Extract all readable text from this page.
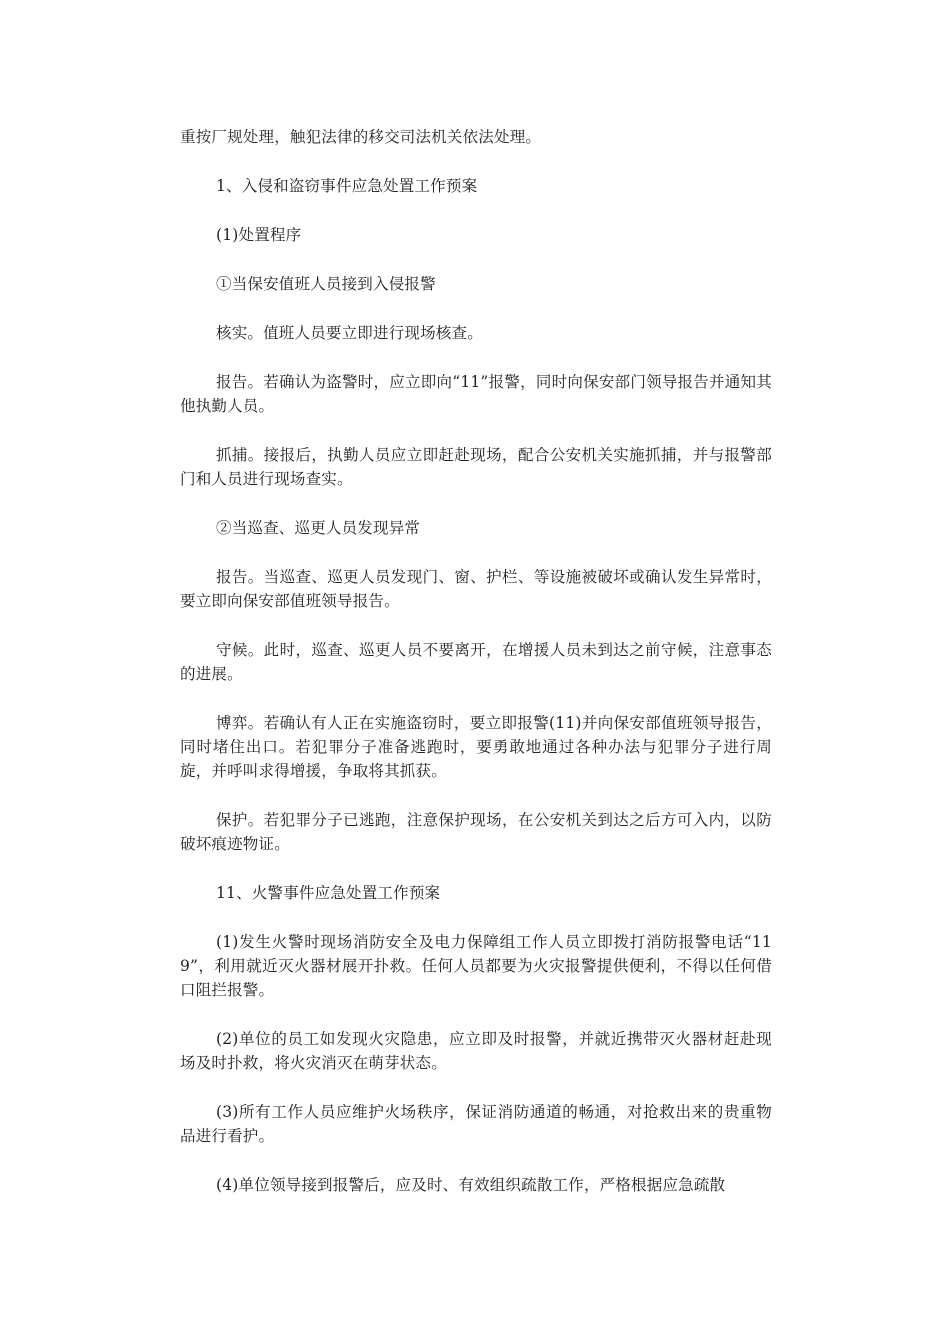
重按厂规处理，触犯法律的移交司法机关依法处理。

1、入侵和盗窃事件应急处置工作预案

(1)处置程序

①当保安值班人员接到入侵报警

核实。值班人员要立即进行现场核查。

报告。若确认为盗警时，应立即向“11”报警，同时向保安部门领导报告并通知其他执勤人员。

抓捕。接报后，执勤人员应立即赶赴现场，配合公安机关实施抓捕，并与报警部门和人员进行现场查实。

②当巡查、巡更人员发现异常

报告。当巡查、巡更人员发现门、窗、护栏、等设施被破坏或确认发生异常时，要立即向保安部值班领导报告。

守候。此时，巡查、巡更人员不要离开，在增援人员未到达之前守候，注意事态的进展。

博弈。若确认有人正在实施盗窃时，要立即报警(11)并向保安部值班领导报告，同时堵住出口。若犯罪分子准备逃跑时，要勇敢地通过各种办法与犯罪分子进行周旋，并呼叫求得增援，争取将其抓获。

保护。若犯罪分子已逃跑，注意保护现场，在公安机关到达之后方可入内，以防破坏痕迹物证。

11、火警事件应急处置工作预案

(1)发生火警时现场消防安全及电力保障组工作人员立即拨打消防报警电话“119”，利用就近灭火器材展开扑救。任何人员都要为火灾报警提供便利，不得以任何借口阻拦报警。

(2)单位的员工如发现火灾隐患，应立即及时报警，并就近携带灭火器材赶赴现场及时扑救，将火灾消灭在萌芽状态。

(3)所有工作人员应维护火场秩序，保证消防通道的畅通，对抢救出来的贵重物品进行看护。

(4)单位领导接到报警后，应及时、有效组织疏散工作，严格根据应急疏散
